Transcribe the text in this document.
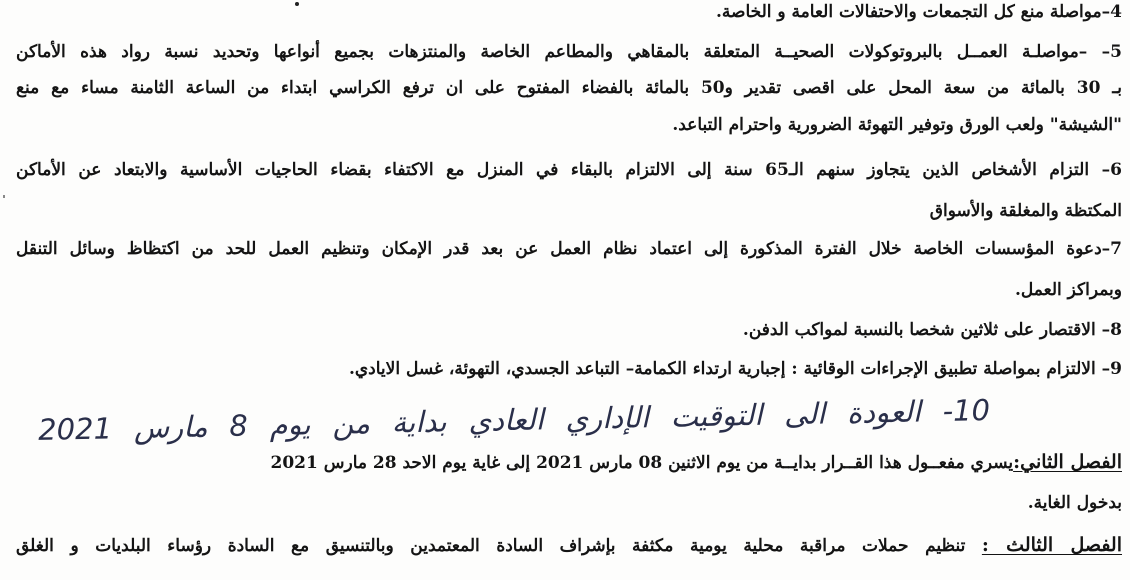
4–مواصلة منع كل التجمعات والاحتفالات العامة و الخاصة.
5– –مواصلـة العمــل بالبروتوكولات الصحيــة المتعلقة بالمقاهي والمطاعم الخاصة والمنتزهات بجميع أنواعها وتحديد نسبة رواد هذه الأماكن
بـ 30 بالمائة من سعة المحل على اقصى تقدير و50 بالمائة بالفضاء المفتوح على ان ترفع الكراسي ابتداء من الساعة الثامنة مساء مع منع
"الشيشة" ولعب الورق وتوفير التهوئة الضرورية واحترام التباعد.
6– التزام الأشخاص الذين يتجاوز سنهم الـ65 سنة إلى الالتزام بالبقاء في المنزل مع الاكتفاء بقضاء الحاجيات الأساسية والابتعاد عن الأماكن
المكتظة والمغلقة والأسواق
7–دعوة المؤسسات الخاصة خلال الفترة المذكورة إلى اعتماد نظام العمل عن بعد قدر الإمكان وتنظيم العمل للحد من اكتظاظ وسائل التنقل
وبمراكز العمل.
8– الاقتصار على ثلاثين شخصا بالنسبة لمواكب الدفن.
9– الالتزام بمواصلة تطبيق الإجراءات الوقائية : إجبارية ارتداء الكمامة– التباعد الجسدي، التهوئة، غسل الايادي.
10- العودة الى التوقيت الإداري العادي بداية من يوم 8 مارس 2021
الفصل الثاني:يسري مفعــول هذا القــرار بدايــة من يوم الاثنين 08 مارس 2021 إلى غاية يوم الاحد 28 مارس 2021
بدخول الغاية.
الفصل الثالث : تنظيم حملات مراقبة محلية يومية مكثفة بإشراف السادة المعتمدين وبالتنسيق مع السادة رؤساء البلديات و الغلق
